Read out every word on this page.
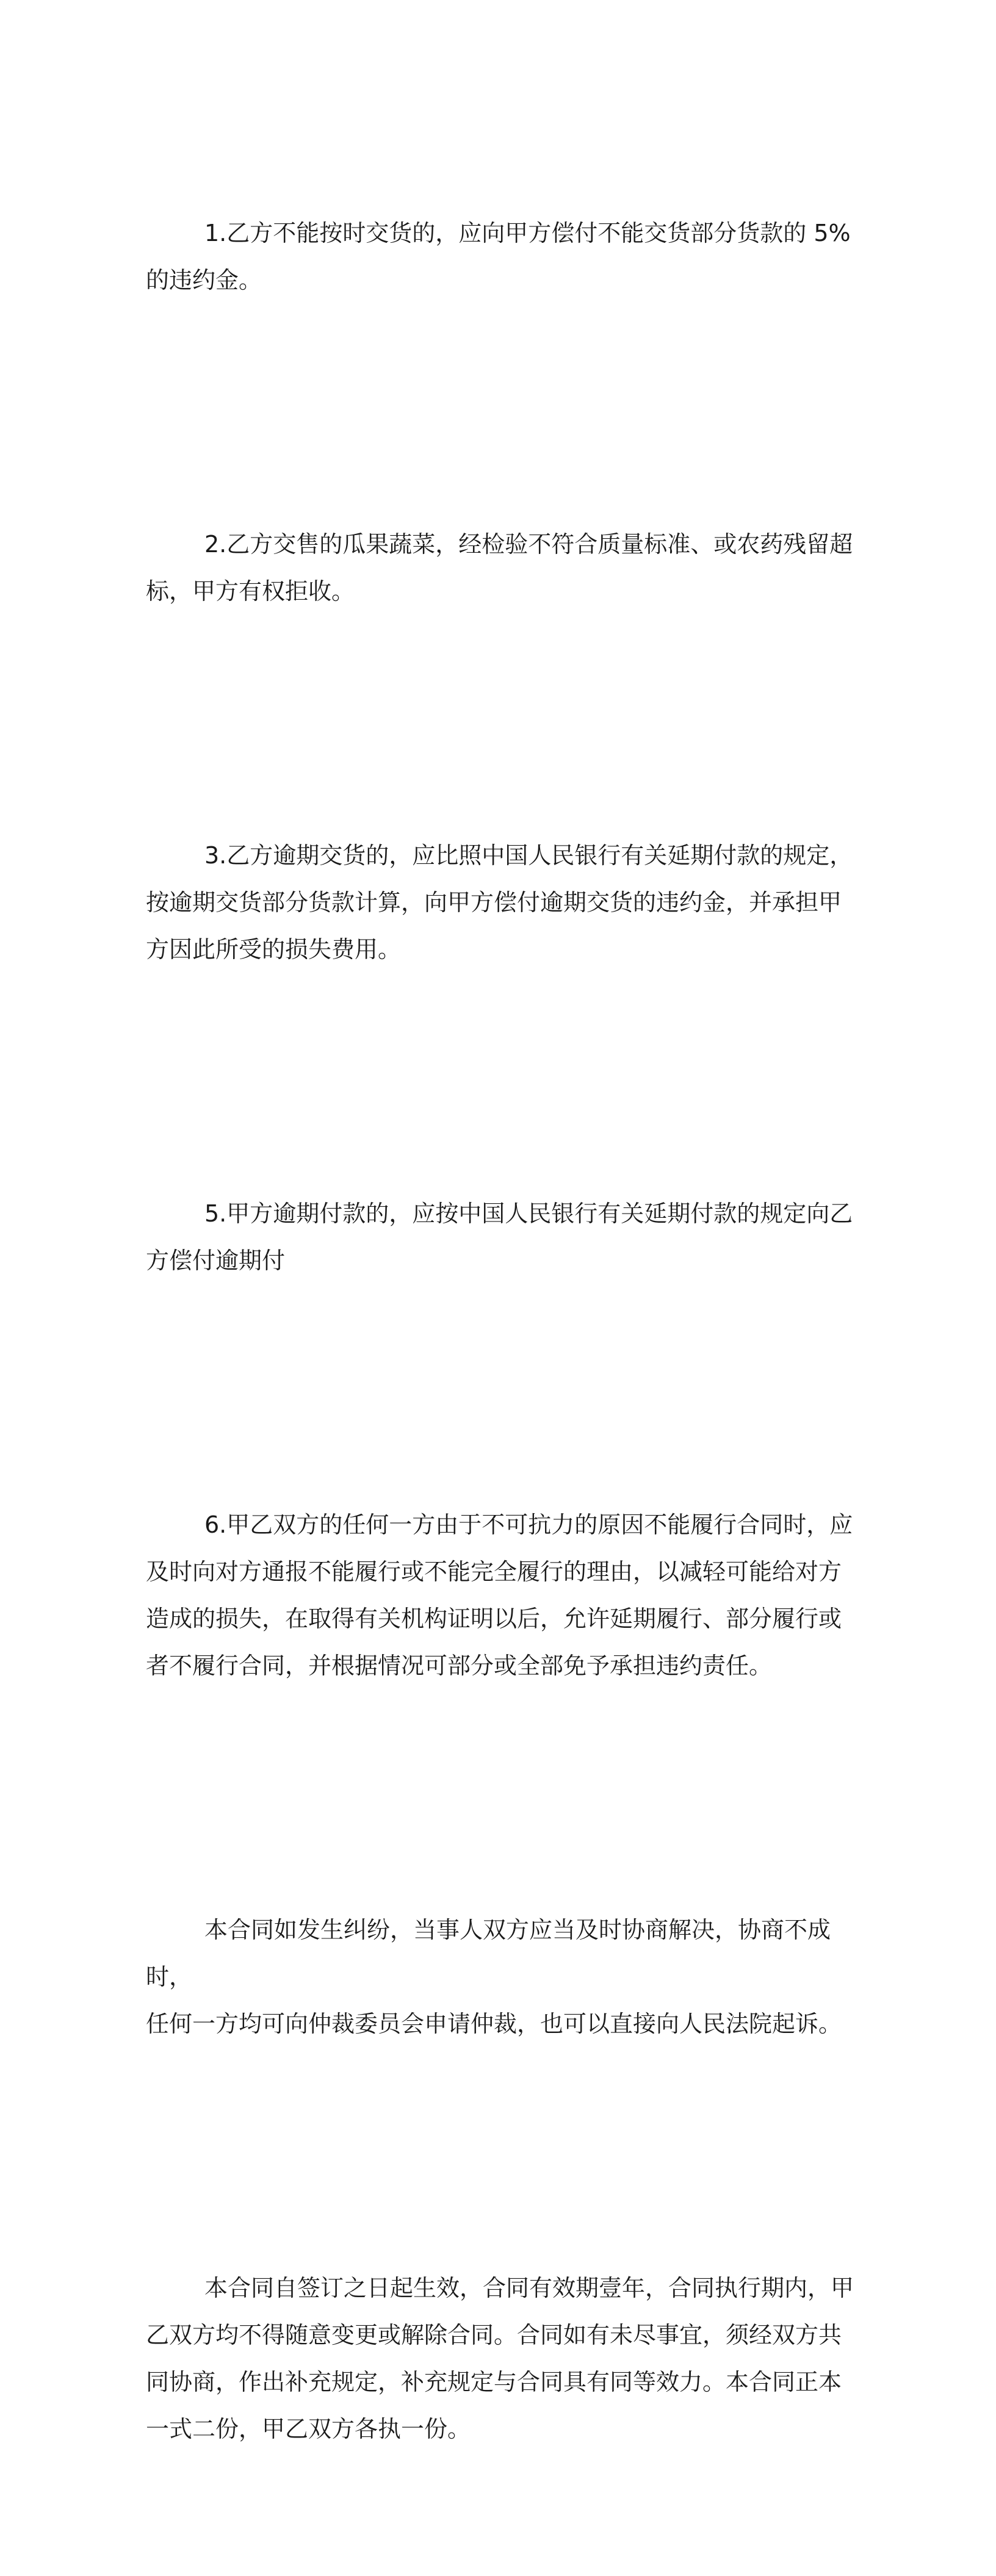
1.乙方不能按时交货的，应向甲方偿付不能交货部分货款的 5%
的违约金。

2.乙方交售的瓜果蔬菜，经检验不符合质量标准、或农药残留超
标，甲方有权拒收。

3.乙方逾期交货的，应比照中国人民银行有关延期付款的规定，
按逾期交货部分货款计算，向甲方偿付逾期交货的违约金，并承担甲
方因此所受的损失费用。

5.甲方逾期付款的，应按中国人民银行有关延期付款的规定向乙
方偿付逾期付

6.甲乙双方的任何一方由于不可抗力的原因不能履行合同时，应
及时向对方通报不能履行或不能完全履行的理由，以减轻可能给对方
造成的损失，在取得有关机构证明以后，允许延期履行、部分履行或
者不履行合同，并根据情况可部分或全部免予承担违约责任。

本合同如发生纠纷，当事人双方应当及时协商解决，协商不成时，
任何一方均可向仲裁委员会申请仲裁，也可以直接向人民法院起诉。

本合同自签订之日起生效，合同有效期壹年，合同执行期内，甲
乙双方均不得随意变更或解除合同。合同如有未尽事宜，须经双方共
同协商，作出补充规定，补充规定与合同具有同等效力。本合同正本
一式二份，甲乙双方各执一份。
